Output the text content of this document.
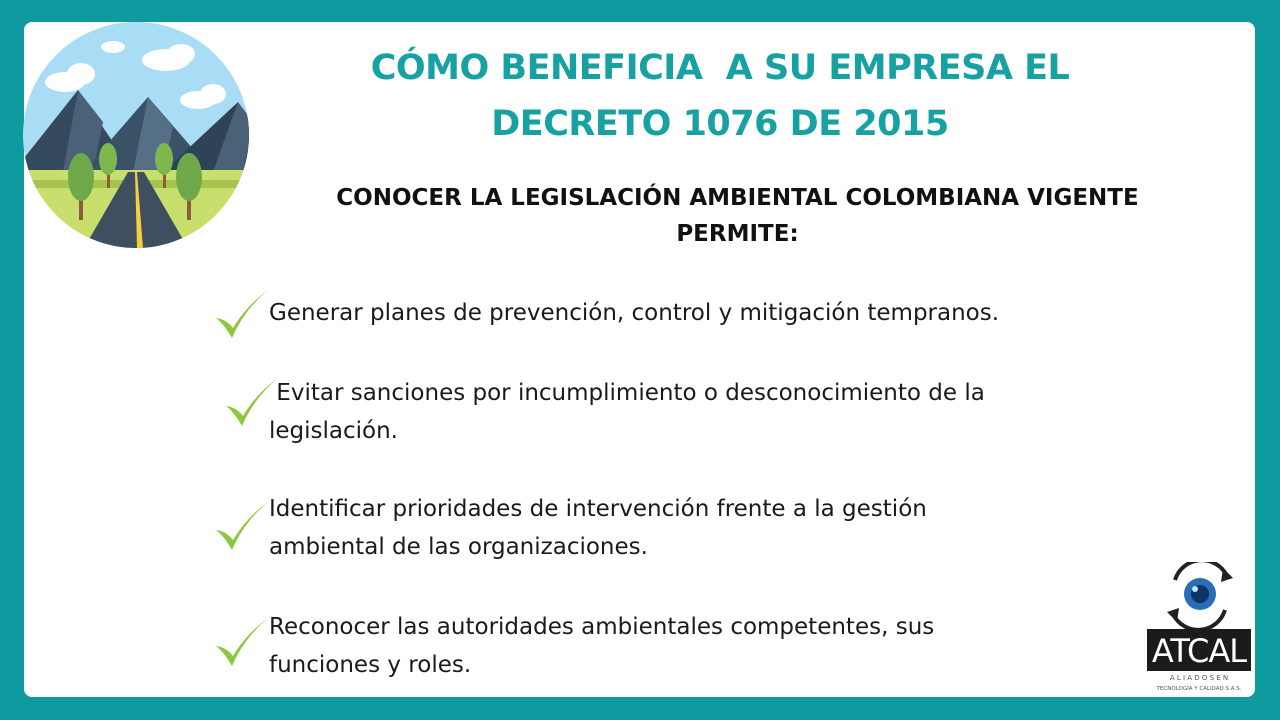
CÓMO BENEFICIA  A SU EMPRESA EL
DECRETO 1076 DE 2015
CONOCER LA LEGISLACIÓN AMBIENTAL COLOMBIANA VIGENTE
PERMITE:
Generar planes de prevención, control y mitigación tempranos.
Evitar sanciones por incumplimiento o desconocimiento de la
legislación.
Identificar prioridades de intervención frente a la gestión
ambiental de las organizaciones.
Reconocer las autoridades ambientales competentes, sus
funciones y roles.	ATCAL
A L I A D O S E N
TECNOLOGÍA Y CALIDAD S.A.S.
